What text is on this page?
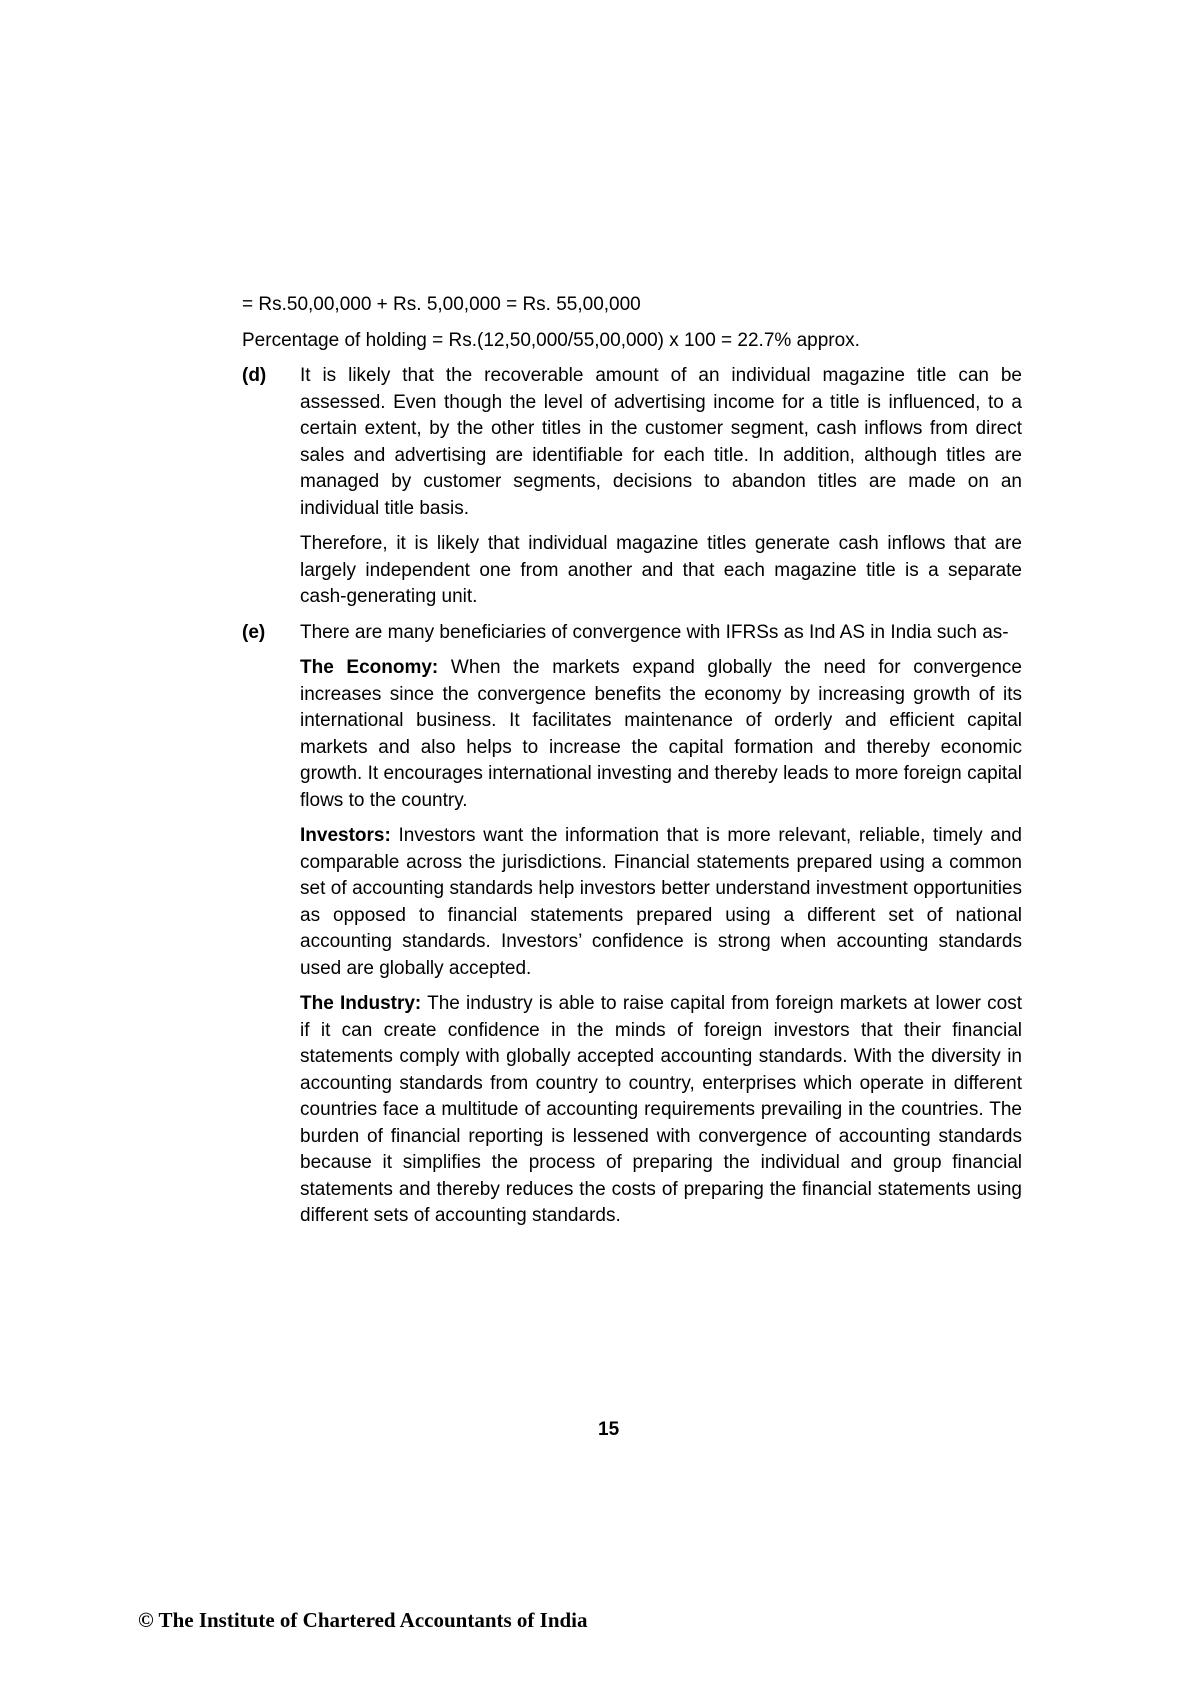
= Rs.50,00,000 + Rs. 5,00,000 = Rs. 55,00,000

Percentage of holding = Rs.(12,50,000/55,00,000) x 100 = 22.7% approx.

(d)	It is likely that the recoverable amount of an individual magazine title can be assessed. Even though the level of advertising income for a title is influenced, to a certain extent, by the other titles in the customer segment, cash inflows from direct sales and advertising are identifiable for each title. In addition, although titles are managed by customer segments, decisions to abandon titles are made on an individual title basis.

Therefore, it is likely that individual magazine titles generate cash inflows that are largely independent one from another and that each magazine title is a separate cash-generating unit.

(e)	There are many beneficiaries of convergence with IFRSs as Ind AS in India such as-

The Economy: When the markets expand globally the need for convergence increases since the convergence benefits the economy by increasing growth of its international business. It facilitates maintenance of orderly and efficient capital markets and also helps to increase the capital formation and thereby economic growth. It encourages international investing and thereby leads to more foreign capital flows to the country.

Investors: Investors want the information that is more relevant, reliable, timely and comparable across the jurisdictions. Financial statements prepared using a common set of accounting standards help investors better understand investment opportunities as opposed to financial statements prepared using a different set of national accounting standards. Investors’ confidence is strong when accounting standards used are globally accepted.

The Industry: The industry is able to raise capital from foreign markets at lower cost if it can create confidence in the minds of foreign investors that their financial statements comply with globally accepted accounting standards. With the diversity in accounting standards from country to country, enterprises which operate in different countries face a multitude of accounting requirements prevailing in the countries. The burden of financial reporting is lessened with convergence of accounting standards because it simplifies the process of preparing the individual and group financial statements and thereby reduces the costs of preparing the financial statements using different sets of accounting standards.

15
© The Institute of Chartered Accountants of India
